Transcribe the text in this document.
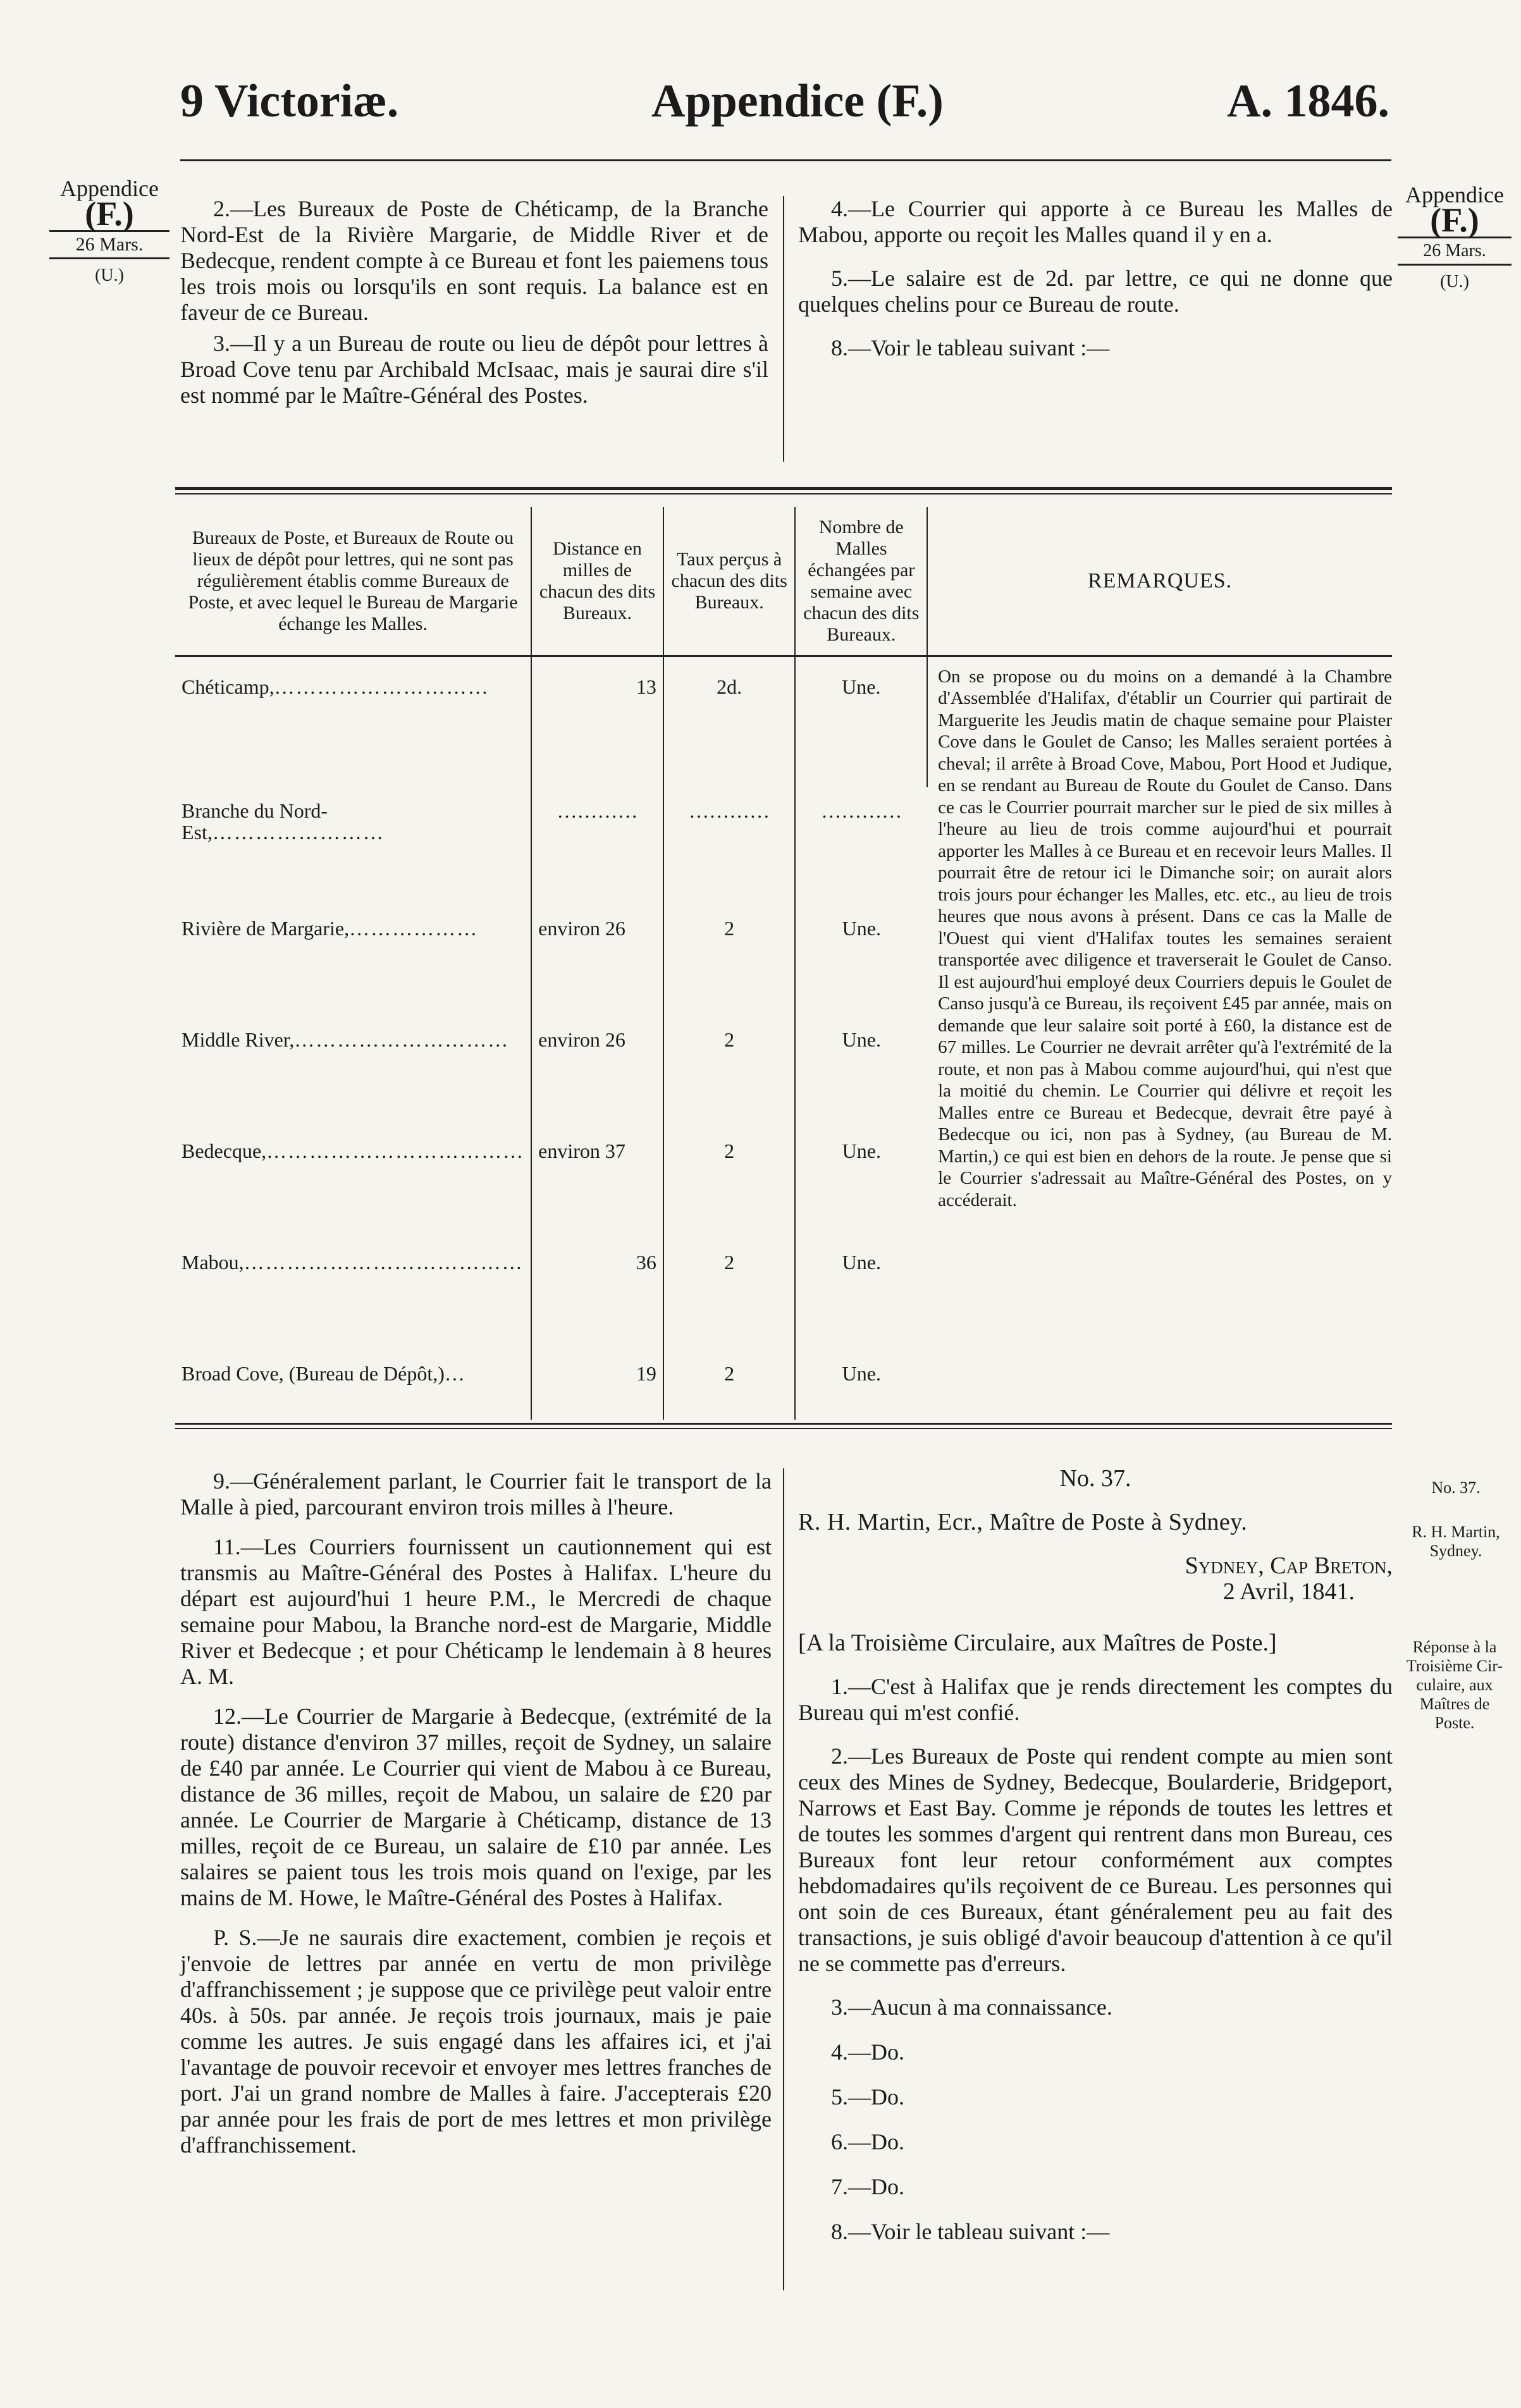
9 Victoriæ.	Appendice (F.)	A. 1846.
Appendice
(F.)
26 Mars.
(U.)
Appendice
(F.)
26 Mars.
(U.)

2.—Les Bureaux de Poste de Chéticamp, de la Branche Nord-Est de la Rivière Margarie, de Middle River et de Bedecque, rendent compte à ce Bureau et font les paiemens tous les trois mois ou lorsqu'ils en sont requis. La balance est en faveur de ce Bureau.

3.—Il y a un Bureau de route ou lieu de dépôt pour lettres à Broad Cove tenu par Archibald McIsaac, mais je saurai dire s'il est nommé par le Maître-Général des Postes.

4.—Le Courrier qui apporte à ce Bureau les Malles de Mabou, apporte ou reçoit les Malles quand il y en a.

5.—Le salaire est de 2d. par lettre, ce qui ne donne que quelques chelins pour ce Bureau de route.

8.—Voir le tableau suivant :—

Bureaux de Poste, et Bureaux de Route ou lieux de dépôt pour lettres, qui ne sont pas régulièrement établis comme Bureaux de Poste, et avec lequel le Bureau de Margarie échange les Malles.	Distance en milles de chacun des dits Bureaux.	Taux perçus à chacun des dits Bureaux.	Nombre de Malles échangées par semaine avec chacun des dits Bureaux.	REMARQUES.
Chéticamp,…………………………	13	2d.	Une.	On se propose ou du moins on a demandé à la Chambre d'Assemblée d'Halifax, d'établir un Courrier qui partirait de Marguerite les Jeudis matin de chaque semaine pour Plaister Cove dans le Goulet de Canso; les Malles seraient portées à cheval; il arrête à Broad Cove, Mabou, Port Hood et Judique, en se rendant au Bureau de Route du Goulet de Canso. Dans ce cas le Courrier pourrait marcher sur le pied de six milles à l'heure au lieu de trois comme aujourd'hui et pourrait apporter les Malles à ce Bureau et en recevoir leurs Malles. Il pourrait être de retour ici le Dimanche soir; on aurait alors trois jours pour échanger les Malles, etc. etc., au lieu de trois heures que nous avons à présent. Dans ce cas la Malle de l'Ouest qui vient d'Halifax toutes les semaines seraient transportée avec diligence et traverserait le Goulet de Canso. Il est aujourd'hui employé deux Courriers depuis le Goulet de Canso jusqu'à ce Bureau, ils reçoivent £45 par année, mais on demande que leur salaire soit porté à £60, la distance est de 67 milles. Le Courrier ne devrait arrêter qu'à l'extrémité de la route, et non pas à Mabou comme aujourd'hui, qui n'est que la moitié du chemin. Le Courrier qui délivre et reçoit les Malles entre ce Bureau et Bedecque, devrait être payé à Bedecque ou ici, non pas à Sydney, (au Bureau de M. Martin,) ce qui est bien en dehors de la route. Je pense que si le Courrier s'adressait au Maître-Général des Postes, on y accéderait.
Branche du Nord-Est,……………………	…………	…………	…………	
Rivière de Margarie,………………	environ 26	2	Une.	
Middle River,…………………………	environ 26	2	Une.	
Bedecque,………………………………	environ 37	2	Une.	
Mabou,…………………………………	36	2	Une.	
Broad Cove, (Bureau de Dépôt,)…	19	2	Une.	

9.—Généralement parlant, le Courrier fait le transport de la Malle à pied, parcourant environ trois milles à l'heure.

11.—Les Courriers fournissent un cautionnement qui est transmis au Maître-Général des Postes à Halifax. L'heure du départ est aujourd'hui 1 heure P.M., le Mercredi de chaque semaine pour Mabou, la Branche nord-est de Margarie, Middle River et Bedecque ; et pour Chéticamp le lendemain à 8 heures A. M.

12.—Le Courrier de Margarie à Bedecque, (extrémité de la route) distance d'environ 37 milles, reçoit de Sydney, un salaire de £40 par année. Le Courrier qui vient de Mabou à ce Bureau, distance de 36 milles, reçoit de Mabou, un salaire de £20 par année. Le Courrier de Margarie à Chéticamp, distance de 13 milles, reçoit de ce Bureau, un salaire de £10 par année. Les salaires se paient tous les trois mois quand on l'exige, par les mains de M. Howe, le Maître-Général des Postes à Halifax.

P. S.—Je ne saurais dire exactement, combien je reçois et j'envoie de lettres par année en vertu de mon privilège d'affranchissement ; je suppose que ce privilège peut valoir entre 40s. à 50s. par année. Je reçois trois journaux, mais je paie comme les autres. Je suis engagé dans les affaires ici, et j'ai l'avantage de pouvoir recevoir et envoyer mes lettres franches de port. J'ai un grand nombre de Malles à faire. J'accepterais £20 par année pour les frais de port de mes lettres et mon privilège d'affranchissement.

No. 37.
R. H. Martin, Ecr., Maître de Poste à Sydney.
Sydney, Cap Breton,
2 Avril, 1841.
[A la Troisième Circulaire, aux Maîtres de Poste.]

1.—C'est à Halifax que je rends directement les comptes du Bureau qui m'est confié.

2.—Les Bureaux de Poste qui rendent compte au mien sont ceux des Mines de Sydney, Bedecque, Boularderie, Bridgeport, Narrows et East Bay. Comme je réponds de toutes les lettres et de toutes les sommes d'argent qui rentrent dans mon Bureau, ces Bureaux font leur retour conformément aux comptes hebdomadaires qu'ils reçoivent de ce Bureau. Les personnes qui ont soin de ces Bureaux, étant généralement peu au fait des transactions, je suis obligé d'avoir beaucoup d'attention à ce qu'il ne se commette pas d'erreurs.

3.—Aucun à ma connaissance.

4.—Do.

5.—Do.

6.—Do.

7.—Do.

8.—Voir le tableau suivant :—

No. 37.
R. H. Martin,
Sydney.
Réponse à la
Troisième Cir-
culaire, aux
Maîtres de
Poste.
